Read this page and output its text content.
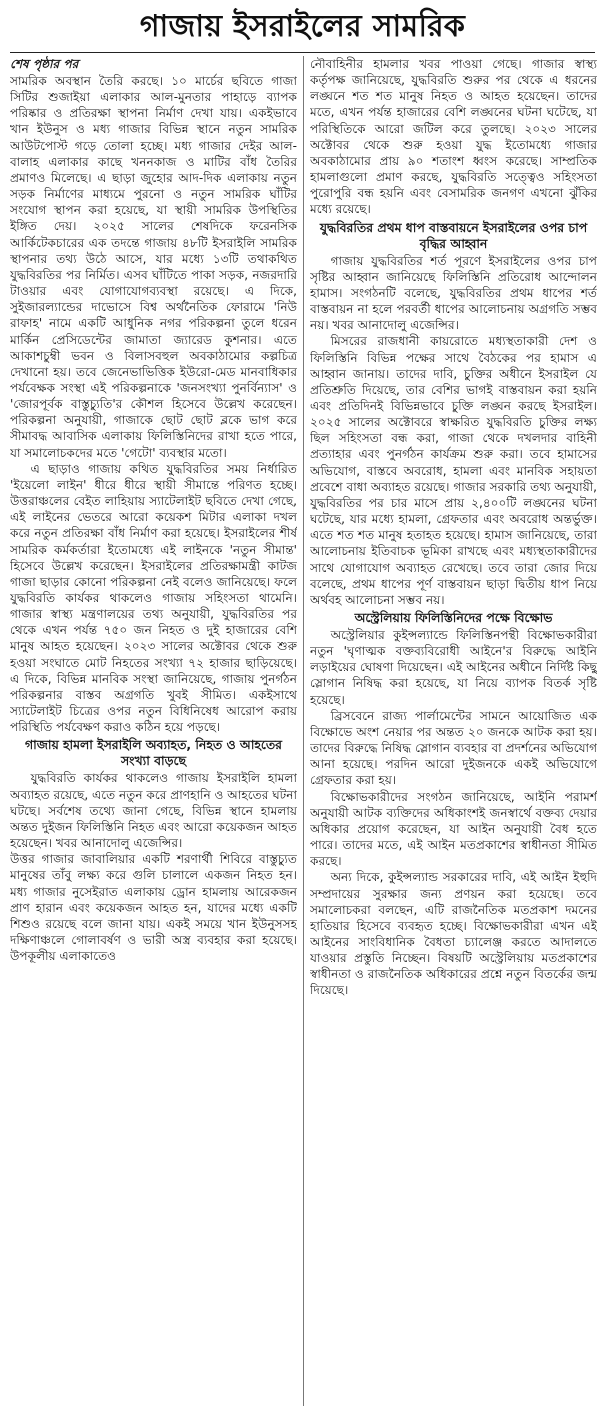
গাজায় ইসরাইলের সামরিক
শেষ পৃষ্ঠার পর

সামরিক অবস্থান তৈরি করছে। ১০ মার্চের ছবিতে গাজা সিটির শুজাইয়া এলাকার আল-মুনতার পাহাড়ে ব্যাপক পরিষ্কার ও প্রতিরক্ষা স্থাপনা নির্মাণ দেখা যায়। একইভাবে খান ইউনুস ও মধ্য গাজার বিভিন্ন স্থানে নতুন সামরিক আউটপোস্ট গড়ে তোলা হচ্ছে। মধ্য গাজার দেইর আল-বালাহ এলাকার কাছে খননকাজ ও মাটির বাঁধ তৈরির প্রমাণও মিলেছে। এ ছাড়া জুহোর আদ-দিক এলাকায় নতুন সড়ক নির্মাণের মাধ্যমে পুরনো ও নতুন সামরিক ঘাঁটির সংযোগ স্থাপন করা হয়েছে, যা স্থায়ী সামরিক উপস্থিতির ইঙ্গিত দেয়। ২০২৫ সালের শেষদিকে ফরেনসিক আর্কিটেকচারের এক তদন্তে গাজায় ৪৮টি ইসরাইলি সামরিক স্থাপনার তথ্য উঠে আসে, যার মধ্যে ১৩টি তথাকথিত যুদ্ধবিরতির পর নির্মিত। এসব ঘাঁটিতে পাকা সড়ক, নজরদারি টাওয়ার এবং যোগাযোগব্যবস্থা রয়েছে। এ দিকে, সুইজারল্যান্ডের দাভোসে বিশ্ব অর্থনৈতিক ফোরামে 'নিউ রাফাহ' নামে একটি আধুনিক নগর পরিকল্পনা তুলে ধরেন মার্কিন প্রেসিডেন্টের জামাতা জ্যারেড কুশনার। এতে আকাশচুম্বী ভবন ও বিলাসবহুল অবকাঠামোর কল্পচিত্র দেখানো হয়। তবে জেনেভাভিত্তিক ইউরো-মেড মানবাধিকার পর্যবেক্ষক সংস্থা এই পরিকল্পনাকে 'জনসংখ্যা পুনর্বিন্যাস' ও 'জোরপূর্বক বাস্তুচ্যুতি'র কৌশল হিসেবে উল্লেখ করেছেন। পরিকল্পনা অনুযায়ী, গাজাকে ছোট ছোট ব্লকে ভাগ করে সীমাবদ্ধ আবাসিক এলাকায় ফিলিস্তিনিদের রাখা হতে পারে, যা সমালোচকদের মতে 'গেটো' ব্যবস্থার মতো।

এ ছাড়াও গাজায় কথিত যুদ্ধবিরতির সময় নির্ধারিত 'ইয়েলো লাইন' ধীরে ধীরে স্থায়ী সীমান্তে পরিণত হচ্ছে। উত্তরাঞ্চলের বেইত লাহিয়ায় স্যাটেলাইট ছবিতে দেখা গেছে, এই লাইনের ভেতরে আরো কয়েকশ মিটার এলাকা দখল করে নতুন প্রতিরক্ষা বাঁধ নির্মাণ করা হয়েছে। ইসরাইলের শীর্ষ সামরিক কর্মকর্তারা ইতোমধ্যে এই লাইনকে 'নতুন সীমান্ত' হিসেবে উল্লেখ করেছেন। ইসরাইলের প্রতিরক্ষামন্ত্রী কাটজ গাজা ছাড়ার কোনো পরিকল্পনা নেই বলেও জানিয়েছে। ফলে যুদ্ধবিরতি কার্যকর থাকলেও গাজায় সহিংসতা থামেনি। গাজার স্বাস্থ্য মন্ত্রণালয়ের তথ্য অনুযায়ী, যুদ্ধবিরতির পর থেকে এখন পর্যন্ত ৭৫০ জন নিহত ও দুই হাজারের বেশি মানুষ আহত হয়েছেন। ২০২৩ সালের অক্টোবর থেকে শুরু হওয়া সংঘাতে মোট নিহতের সংখ্যা ৭২ হাজার ছাড়িয়েছে। এ দিকে, বিভিন্ন মানবিক সংস্থা জানিয়েছে, গাজায় পুনর্গঠন পরিকল্পনার বাস্তব অগ্রগতি খুবই সীমিত। একইসাথে স্যাটেলাইট চিত্রের ওপর নতুন বিধিনিষেধ আরোপ করায় পরিস্থিতি পর্যবেক্ষণ করাও কঠিন হয়ে পড়ছে।

গাজায় হামলা ইসরাইলি অব্যাহত, নিহত ও আহতের সংখ্যা বাড়ছে

যুদ্ধবিরতি কার্যকর থাকলেও গাজায় ইসরাইলি হামলা অব্যাহত রয়েছে, এতে নতুন করে প্রাণহানি ও আহতের ঘটনা ঘটছে। সর্বশেষ তথ্যে জানা গেছে, বিভিন্ন স্থানে হামলায় অন্তত দুইজন ফিলিস্তিনি নিহত এবং আরো কয়েকজন আহত হয়েছেন। খবর আনাদোলু এজেন্সির।

উত্তর গাজার জাবালিয়ার একটি শরণার্থী শিবিরে বাস্তুচ্যুত মানুষের তাঁবু লক্ষ্য করে গুলি চালালে একজন নিহত হন। মধ্য গাজার নুসেইরাত এলাকায় ড্রোন হামলায় আরেকজন প্রাণ হারান এবং কয়েকজন আহত হন, যাদের মধ্যে একটি শিশুও রয়েছে বলে জানা যায়। একই সময়ে খান ইউনুসসহ দক্ষিণাঞ্চলে গোলাবর্ষণ ও ভারী অস্ত্র ব্যবহার করা হয়েছে। উপকূলীয় এলাকাতেও

নৌবাহিনীর হামলার খবর পাওয়া গেছে। গাজার স্বাস্থ্য কর্তৃপক্ষ জানিয়েছে, যুদ্ধবিরতি শুরুর পর থেকে এ ধরনের লঙ্ঘনে শত শত মানুষ নিহত ও আহত হয়েছেন। তাদের মতে, এখন পর্যন্ত হাজারের বেশি লঙ্ঘনের ঘটনা ঘটেছে, যা পরিস্থিতিকে আরো জটিল করে তুলছে। ২০২৩ সালের অক্টোবর থেকে শুরু হওয়া যুদ্ধ ইতোমধ্যে গাজার অবকাঠামোর প্রায় ৯০ শতাংশ ধ্বংস করেছে। সাম্প্রতিক হামলাগুলো প্রমাণ করছে, যুদ্ধবিরতি সত্ত্বেও সহিংসতা পুরোপুরি বন্ধ হয়নি এবং বেসামরিক জনগণ এখনো ঝুঁকির মধ্যে রয়েছে।

যুদ্ধবিরতির প্রথম ধাপ বাস্তবায়নে ইসরাইলের ওপর চাপ বৃদ্ধির আহ্বান

গাজায় যুদ্ধবিরতির শর্ত পূরণে ইসরাইলের ওপর চাপ সৃষ্টির আহ্বান জানিয়েছে ফিলিস্তিনি প্রতিরোধ আন্দোলন হামাস। সংগঠনটি বলেছে, যুদ্ধবিরতির প্রথম ধাপের শর্ত বাস্তবায়ন না হলে পরবর্তী ধাপের আলোচনায় অগ্রগতি সম্ভব নয়। খবর আনাদোলু এজেন্সির।

মিসরের রাজধানী কায়রোতে মধ্যস্থতাকারী দেশ ও ফিলিস্তিনি বিভিন্ন পক্ষের সাথে বৈঠকের পর হামাস এ আহ্বান জানায়। তাদের দাবি, চুক্তির অধীনে ইসরাইল যে প্রতিশ্রুতি দিয়েছে, তার বেশির ভাগই বাস্তবায়ন করা হয়নি এবং প্রতিদিনই বিভিন্নভাবে চুক্তি লঙ্ঘন করছে ইসরাইল। ২০২৫ সালের অক্টোবরে স্বাক্ষরিত যুদ্ধবিরতি চুক্তির লক্ষ্য ছিল সহিংসতা বন্ধ করা, গাজা থেকে দখলদার বাহিনী প্রত্যাহার এবং পুনর্গঠন কার্যক্রম শুরু করা। তবে হামাসের অভিযোগ, বাস্তবে অবরোধ, হামলা এবং মানবিক সহায়তা প্রবেশে বাধা অব্যাহত রয়েছে। গাজার সরকারি তথ্য অনুযায়ী, যুদ্ধবিরতির পর চার মাসে প্রায় ২,৪০০টি লঙ্ঘনের ঘটনা ঘটেছে, যার মধ্যে হামলা, গ্রেফতার এবং অবরোধ অন্তর্ভুক্ত। এতে শত শত মানুষ হতাহত হয়েছে। হামাস জানিয়েছে, তারা আলোচনায় ইতিবাচক ভূমিকা রাখছে এবং মধ্যস্থতাকারীদের সাথে যোগাযোগ অব্যাহত রেখেছে। তবে তারা জোর দিয়ে বলেছে, প্রথম ধাপের পূর্ণ বাস্তবায়ন ছাড়া দ্বিতীয় ধাপ নিয়ে অর্থবহ আলোচনা সম্ভব নয়।

অস্ট্রেলিয়ায় ফিলিস্তিনিদের পক্ষে বিক্ষোভ

অস্ট্রেলিয়ার কুইন্সল্যান্ডে ফিলিস্তিনপন্থী বিক্ষোভকারীরা নতুন 'ঘৃণাত্মক বক্তব্যবিরোধী আইনে'র বিরুদ্ধে আইনি লড়াইয়ের ঘোষণা দিয়েছেন। এই আইনের অধীনে নির্দিষ্ট কিছু স্লোগান নিষিদ্ধ করা হয়েছে, যা নিয়ে ব্যাপক বিতর্ক সৃষ্টি হয়েছে।

ব্রিসবেনে রাজ্য পার্লামেন্টের সামনে আয়োজিত এক বিক্ষোভে অংশ নেয়ার পর অন্তত ২০ জনকে আটক করা হয়। তাদের বিরুদ্ধে নিষিদ্ধ স্লোগান ব্যবহার বা প্রদর্শনের অভিযোগ আনা হয়েছে। পরদিন আরো দুইজনকে একই অভিযোগে গ্রেফতার করা হয়।

বিক্ষোভকারীদের সংগঠন জানিয়েছে, আইনি পরামর্শ অনুযায়ী আটক ব্যক্তিদের অধিকাংশই জনস্বার্থে বক্তব্য দেয়ার অধিকার প্রয়োগ করেছেন, যা আইন অনুযায়ী বৈধ হতে পারে। তাদের মতে, এই আইন মতপ্রকাশের স্বাধীনতা সীমিত করছে।

অন্য দিকে, কুইন্সল্যান্ড সরকারের দাবি, এই আইন ইহুদি সম্প্রদায়ের সুরক্ষার জন্য প্রণয়ন করা হয়েছে। তবে সমালোচকরা বলছেন, এটি রাজনৈতিক মতপ্রকাশ দমনের হাতিয়ার হিসেবে ব্যবহৃত হচ্ছে। বিক্ষোভকারীরা এখন এই আইনের সাংবিধানিক বৈধতা চ্যালেঞ্জ করতে আদালতে যাওয়ার প্রস্তুতি নিচ্ছেন। বিষয়টি অস্ট্রেলিয়ায় মতপ্রকাশের স্বাধীনতা ও রাজনৈতিক অধিকারের প্রশ্নে নতুন বিতর্কের জন্ম দিয়েছে।
